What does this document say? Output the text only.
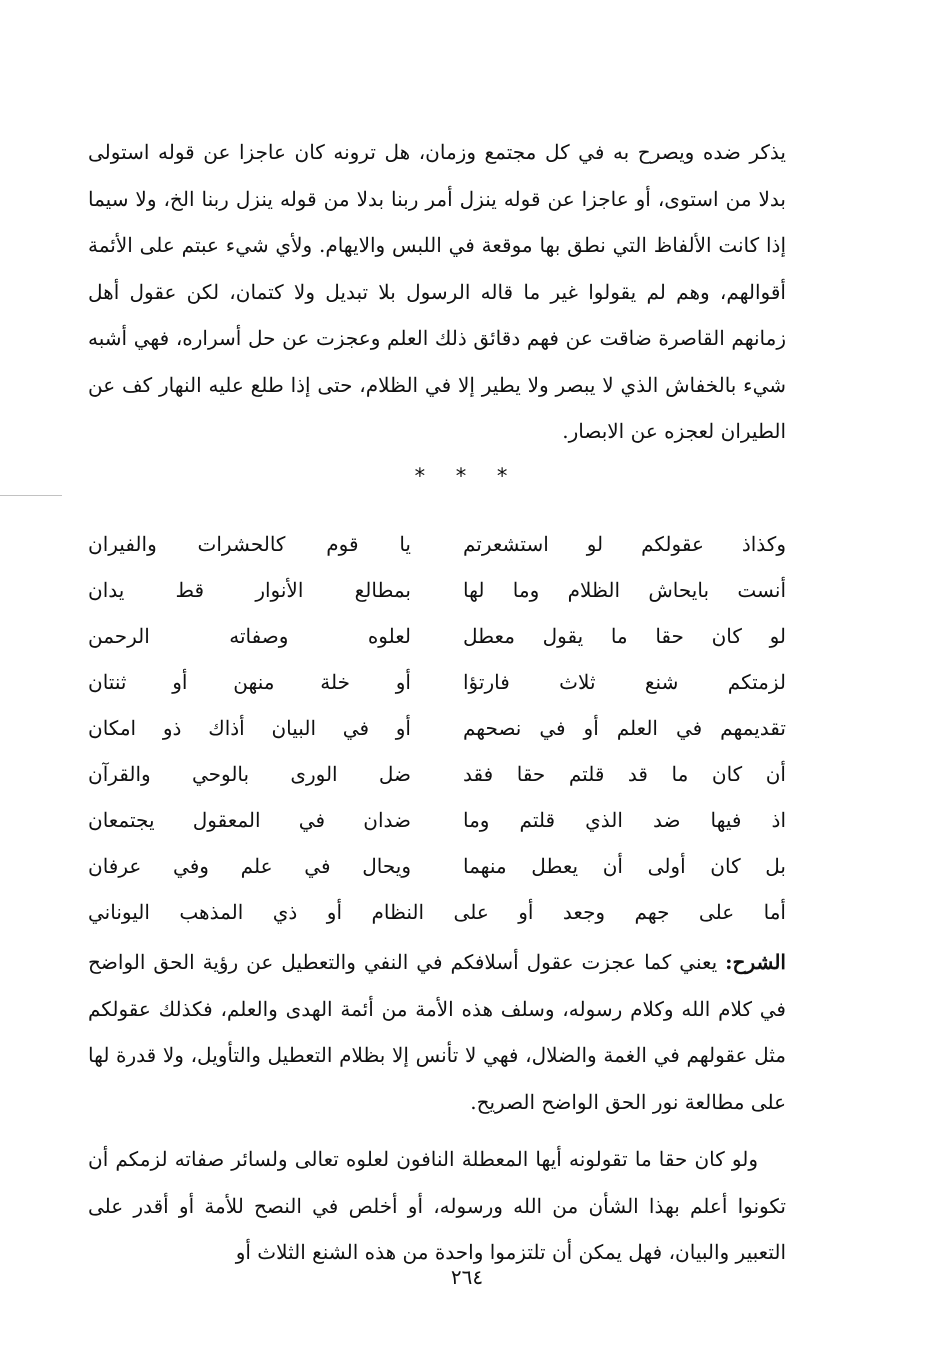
يذكر ضده ويصرح به في كل مجتمع وزمان، هل ترونه كان عاجزا عن قوله استولى بدلا من استوى، أو عاجزا عن قوله ينزل أمر ربنا بدلا من قوله ينزل ربنا الخ، ولا سيما إذا كانت الألفاظ التي نطق بها موقعة في اللبس والايهام. ولأي شيء عبتم على الأئمة أقوالهم، وهم لم يقولوا غير ما قاله الرسول بلا تبديل ولا كتمان، لكن عقول أهل زمانهم القاصرة ضاقت عن فهم دقائق ذلك العلم وعجزت عن حل أسراره، فهي أشبه شيء بالخفاش الذي لا يبصر ولا يطير إلا في الظلام، حتى إذا طلع عليه النهار كف عن الطيران لعجزه عن الابصار.

* * *
وكذاذ عقولكم لو استشعرتم
يا قوم كالحشرات والفيران
أنست بايحاش الظلام وما لها
بمطالع الأنوار قط يدان
لو كان حقا ما يقول معطل
لعلوه وصفاته الرحمن
لزمتكم شنع ثلاث فارتؤا
أو خلة منهن أو ثنتان
تقديمهم في العلم أو في نصحهم
أو في البيان أذاك ذو امكان
أن كان ما قد قلتم حقا فقد
ضل الورى بالوحي والقرآن
اذ فيها ضد الذي قلتم وما
ضدان في المعقول يجتمعان
بل كان أولى أن يعطل منهما
ويحال في علم وفي عرفان
أما على جهم وجعد أو على النظام أو ذي المذهب اليوناني

الشرح: يعني كما عجزت عقول أسلافكم في النفي والتعطيل عن رؤية الحق الواضح في كلام الله وكلام رسوله، وسلف هذه الأمة من أئمة الهدى والعلم، فكذلك عقولكم مثل عقولهم في الغمة والضلال، فهي لا تأنس إلا بظلام التعطيل والتأويل، ولا قدرة لها على مطالعة نور الحق الواضح الصريح.

ولو كان حقا ما تقولونه أيها المعطلة النافون لعلوه تعالى ولسائر صفاته لزمكم أن تكونوا أعلم بهذا الشأن من الله ورسوله، أو أخلص في النصح للأمة أو أقدر على التعبير والبيان، فهل يمكن أن تلتزموا واحدة من هذه الشنع الثلاث أو

٢٦٤
